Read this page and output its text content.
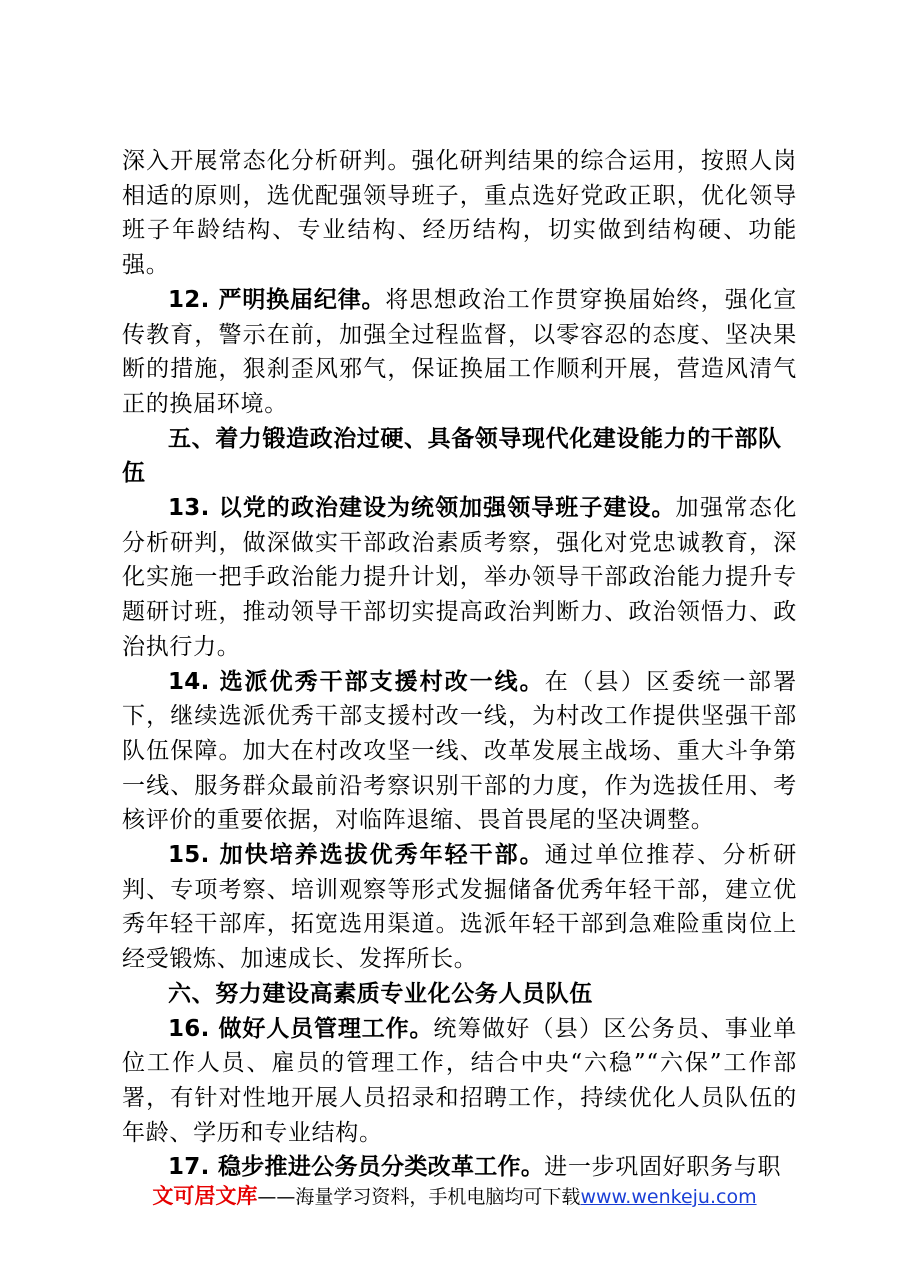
深入开展常态化分析研判。强化研判结果的综合运用，按照人岗相适的原则，选优配强领导班子，重点选好党政正职，优化领导班子年龄结构、专业结构、经历结构，切实做到结构硬、功能强。

12. 严明换届纪律。将思想政治工作贯穿换届始终，强化宣传教育，警示在前，加强全过程监督，以零容忍的态度、坚决果断的措施，狠刹歪风邪气，保证换届工作顺利开展，营造风清气正的换届环境。

五、着力锻造政治过硬、具备领导现代化建设能力的干部队伍

13. 以党的政治建设为统领加强领导班子建设。加强常态化分析研判，做深做实干部政治素质考察，强化对党忠诚教育，深化实施一把手政治能力提升计划，举办领导干部政治能力提升专题研讨班，推动领导干部切实提高政治判断力、政治领悟力、政治执行力。

14. 选派优秀干部支援村改一线。在（县）区委统一部署下，继续选派优秀干部支援村改一线，为村改工作提供坚强干部队伍保障。加大在村改攻坚一线、改革发展主战场、重大斗争第一线、服务群众最前沿考察识别干部的力度，作为选拔任用、考核评价的重要依据，对临阵退缩、畏首畏尾的坚决调整。

15. 加快培养选拔优秀年轻干部。通过单位推荐、分析研判、专项考察、培训观察等形式发掘储备优秀年轻干部，建立优秀年轻干部库，拓宽选用渠道。选派年轻干部到急难险重岗位上经受锻炼、加速成长、发挥所长。

六、努力建设高素质专业化公务人员队伍

16. 做好人员管理工作。统筹做好（县）区公务员、事业单位工作人员、雇员的管理工作，结合中央“六稳”“六保”工作部署，有针对性地开展人员招录和招聘工作，持续优化人员队伍的年龄、学历和专业结构。

17. 稳步推进公务员分类改革工作。进一步巩固好职务与职

文可居文库——海量学习资料，手机电脑均可下载www.wenkeju.com
